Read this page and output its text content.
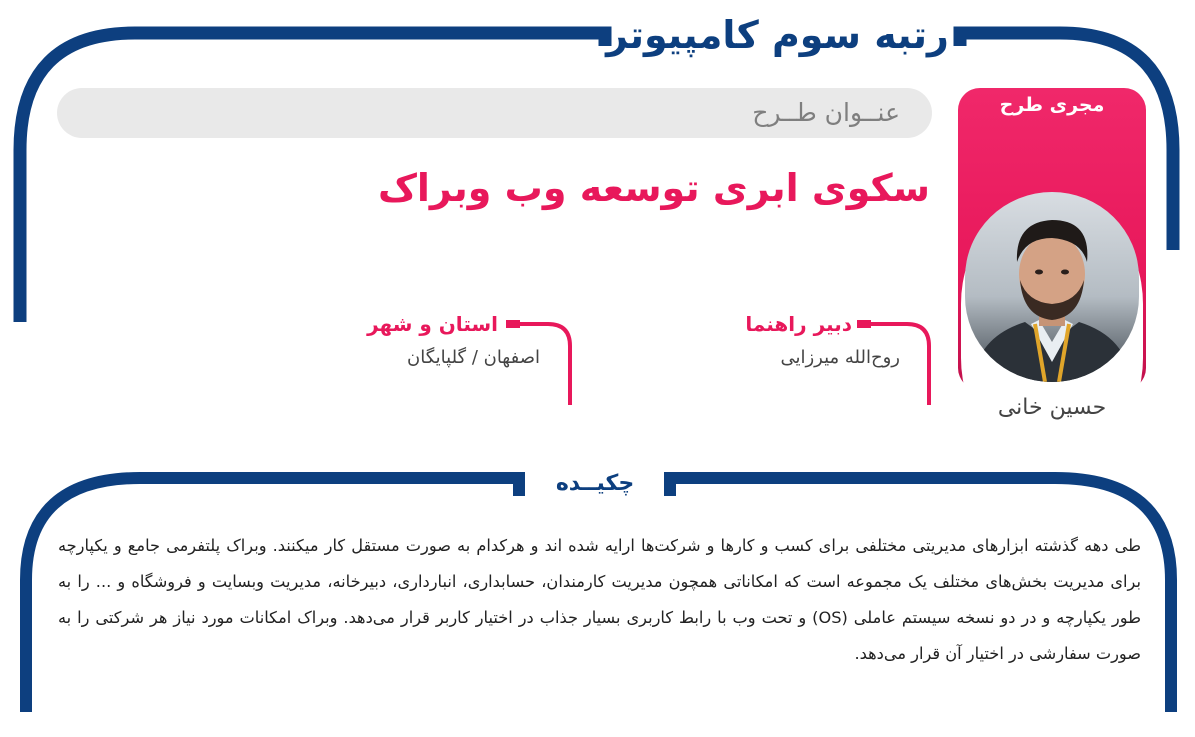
رتبه سوم کامپیوتر
عنــوان طــرح
سکوی ابری توسعه وب وبراک
مجری طرح
حسین خانی
دبیر راهنما
روح‌الله میرزایی
استان و شهر
اصفهان / گلپایگان
چکیــده
طی دهه گذشته ابزارهای مدیریتی مختلفی برای کسب و کارها و شرکت‌ها ارایه شده اند و هرکدام به صورت مستقل کار میکنند. وبراک پلتفرمی جامع و یکپارچه برای مدیریت بخش‌های مختلف یک مجموعه است که امکاناتی همچون مدیریت کارمندان، حسابداری، انبارداری، دبیرخانه، مدیریت وبسایت و فروشگاه و ... را به طور یکپارچه و در دو نسخه سیستم عاملی (OS) و تحت وب با رابط کاربری بسیار جذاب در اختیار کاربر قرار می‌دهد. وبراک امکانات مورد نیاز هر شرکتی را به صورت سفارشی در اختیار آن قرار می‌دهد.
